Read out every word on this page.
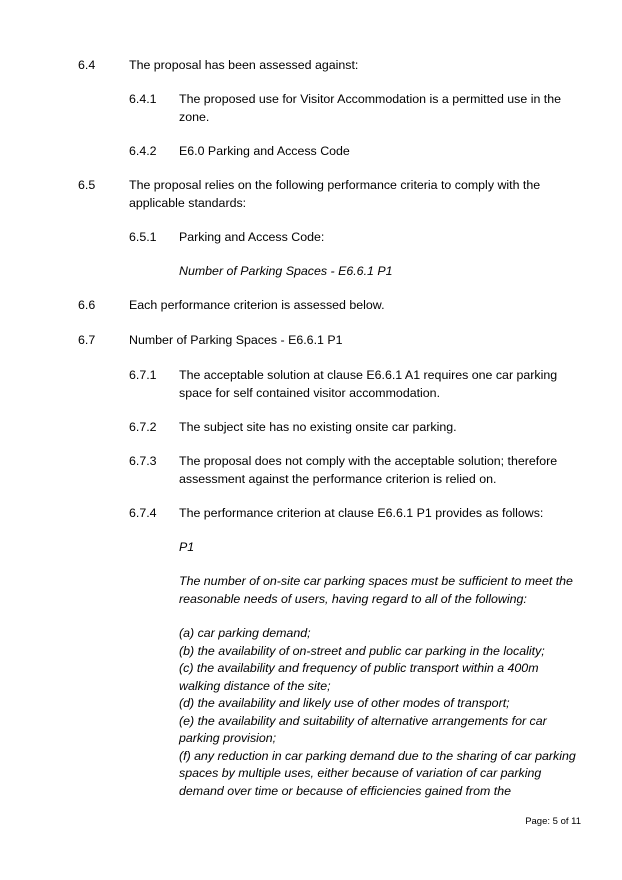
6.4	The proposal has been assessed against:
6.4.1 The proposed use for Visitor Accommodation is a permitted use in the zone.
6.4.2 E6.0 Parking and Access Code
6.5	The proposal relies on the following performance criteria to comply with the applicable standards:
6.5.1 Parking and Access Code:
Number of Parking Spaces - E6.6.1 P1
6.6	Each performance criterion is assessed below.
6.7	Number of Parking Spaces - E6.6.1 P1
6.7.1 The acceptable solution at clause E6.6.1 A1 requires one car parking space for self contained visitor accommodation.
6.7.2 The subject site has no existing onsite car parking.
6.7.3 The proposal does not comply with the acceptable solution; therefore assessment against the performance criterion is relied on.
6.7.4 The performance criterion at clause E6.6.1 P1 provides as follows:
P1
The number of on-site car parking spaces must be sufficient to meet the reasonable needs of users, having regard to all of the following:
(a) car parking demand;
(b) the availability of on-street and public car parking in the locality;
(c) the availability and frequency of public transport within a 400m walking distance of the site;
(d) the availability and likely use of other modes of transport;
(e) the availability and suitability of alternative arrangements for car parking provision;
(f) any reduction in car parking demand due to the sharing of car parking spaces by multiple uses, either because of variation of car parking demand over time or because of efficiencies gained from the
Page: 5 of 11
